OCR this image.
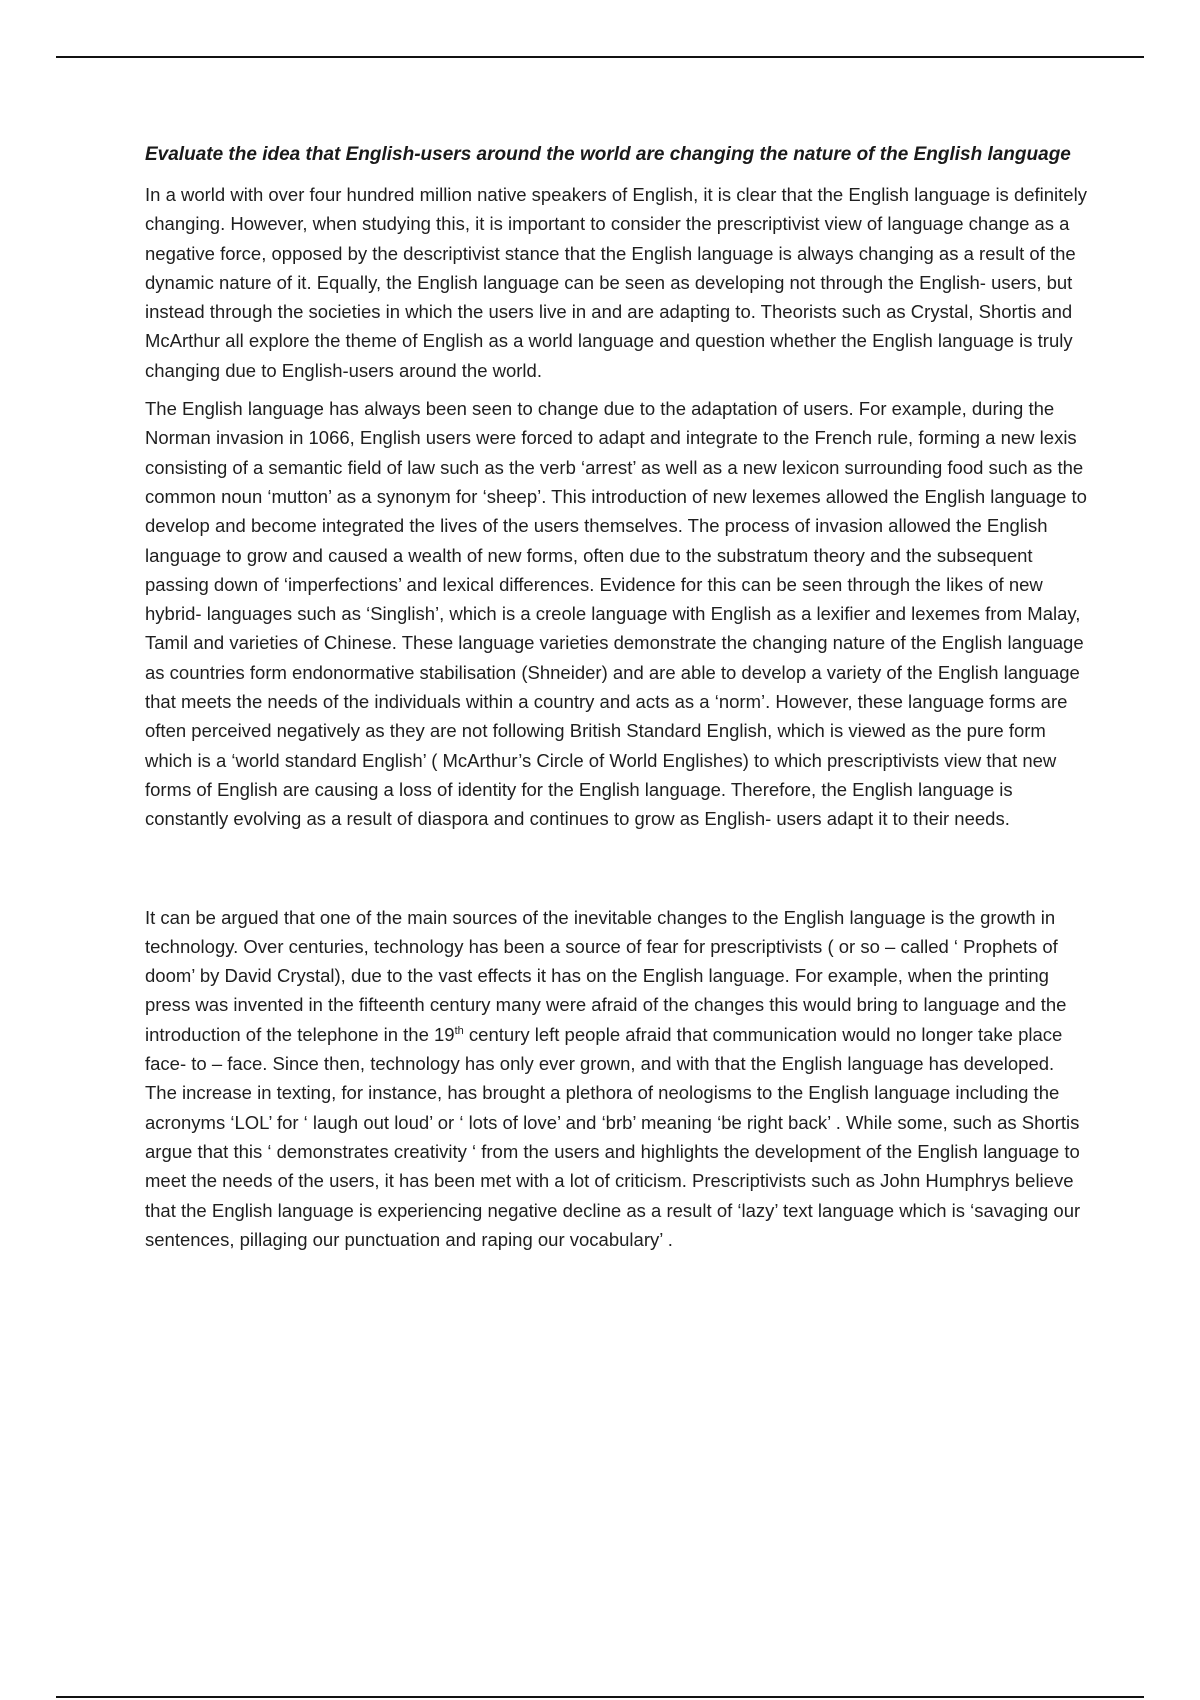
Evaluate the idea that English-users around the world are changing the nature of the English language

In a world with over four hundred million native speakers of English, it is clear that the English language is definitely changing. However, when studying this, it is important to consider the prescriptivist view of language change as a negative force, opposed by the descriptivist stance that the English language is always changing as a result of the dynamic nature of it. Equally, the English language can be seen as developing not through the English- users, but instead through the societies in which the users live in and are adapting to. Theorists such as Crystal, Shortis and McArthur all explore the theme of English as a world language and question whether the English language is truly changing due to English-users around the world.

The English language has always been seen to change due to the adaptation of users. For example, during the Norman invasion in 1066, English users were forced to adapt and integrate to the French rule, forming a new lexis consisting of a semantic field of law such as the verb ‘arrest’ as well as a new lexicon surrounding food such as the common noun ‘mutton’ as a synonym for ‘sheep’. This introduction of new lexemes allowed the English language to develop and become integrated the lives of the users themselves. The process of invasion allowed the English language to grow and caused a wealth of new forms, often due to the substratum theory and the subsequent passing down of ‘imperfections’ and lexical differences. Evidence for this can be seen through the likes of new hybrid- languages such as ‘Singlish’, which is a creole language with English as a lexifier and lexemes from Malay, Tamil and varieties of Chinese. These language varieties demonstrate the changing nature of the English language as countries form endonormative stabilisation (Shneider) and are able to develop a variety of the English language that meets the needs of the individuals within a country and acts as a ‘norm’. However, these language forms are often perceived negatively as they are not following British Standard English, which is viewed as the pure form which is a ‘world standard English’ ( McArthur’s Circle of World Englishes) to which prescriptivists view that new forms of English are causing a loss of identity for the English language. Therefore, the English language is constantly evolving as a result of diaspora and continues to grow as English- users adapt it to their needs.

It can be argued that one of the main sources of the inevitable changes to the English language is the growth in technology. Over centuries, technology has been a source of fear for prescriptivists ( or so – called ‘ Prophets of doom’ by David Crystal), due to the vast effects it has on the English language. For example, when the printing press was invented in the fifteenth century many were afraid of the changes this would bring to language and the introduction of the telephone in the 19th century left people afraid that communication would no longer take place face- to – face. Since then, technology has only ever grown, and with that the English language has developed. The increase in texting, for instance, has brought a plethora of neologisms to the English language including the acronyms ‘LOL’ for ‘ laugh out loud’ or ‘ lots of love’ and ‘brb’ meaning ‘be right back’ . While some, such as Shortis argue that this ‘ demonstrates creativity ‘ from the users and highlights the development of the English language to meet the needs of the users, it has been met with a lot of criticism. Prescriptivists such as John Humphrys believe that the English language is experiencing negative decline as a result of ‘lazy’ text language which is ‘savaging our sentences, pillaging our punctuation and raping our vocabulary’ .
